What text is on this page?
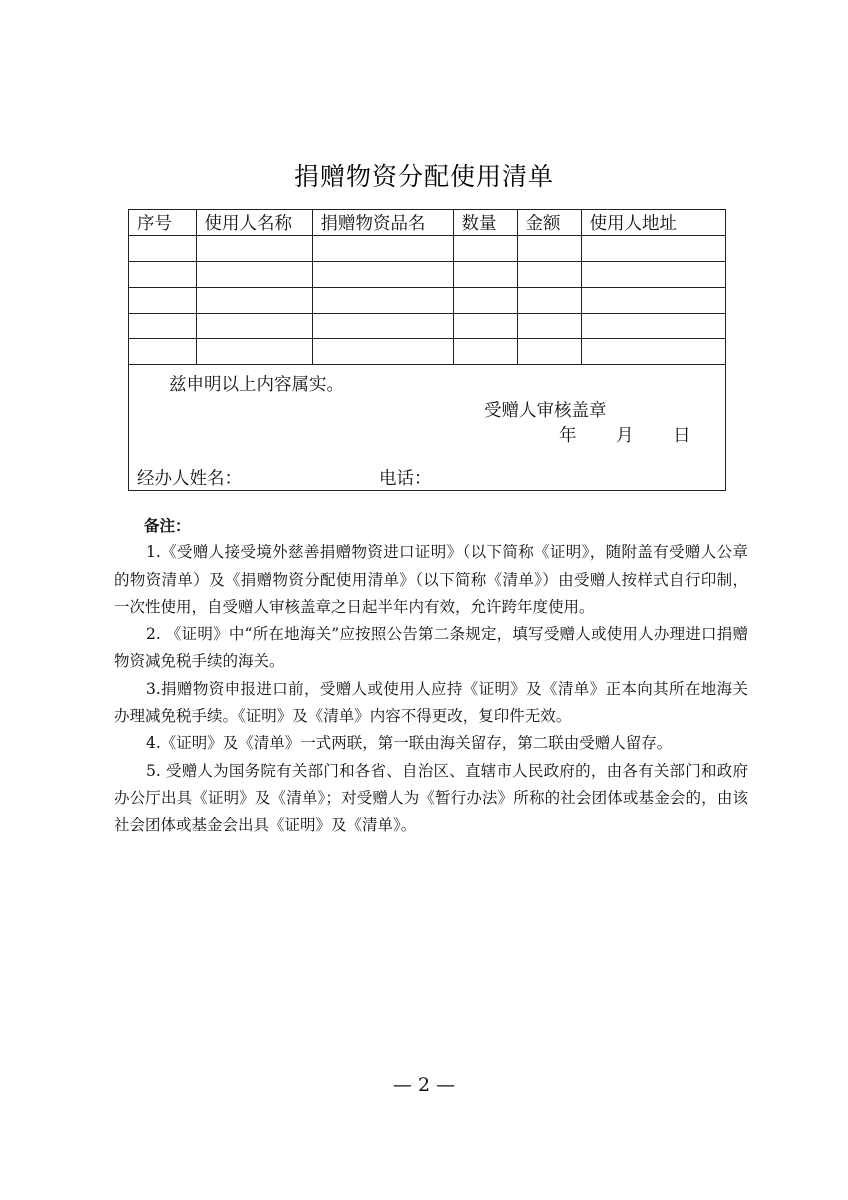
捐赠物资分配使用清单
序号	使用人名称	捐赠物资品名	数量	金额	使用人地址

兹申明以上内容属实。
受赠人审核盖章
年 月 日
经办人姓名：	电话：
备注：

1.《受赠人接受境外慈善捐赠物资进口证明》（以下简称《证明》，随附盖有受赠人公章的物资清单）及《捐赠物资分配使用清单》（以下简称《清单》）由受赠人按样式自行印制，一次性使用，自受赠人审核盖章之日起半年内有效，允许跨年度使用。

2. 《证明》中“所在地海关”应按照公告第二条规定，填写受赠人或使用人办理进口捐赠物资减免税手续的海关。

3.捐赠物资申报进口前，受赠人或使用人应持《证明》及《清单》正本向其所在地海关办理减免税手续。《证明》及《清单》内容不得更改，复印件无效。

4.《证明》及《清单》一式两联，第一联由海关留存，第二联由受赠人留存。

5. 受赠人为国务院有关部门和各省、自治区、直辖市人民政府的，由各有关部门和政府办公厅出具《证明》及《清单》；对受赠人为《暂行办法》所称的社会团体或基金会的，由该社会团体或基金会出具《证明》及《清单》。

— 2 —
